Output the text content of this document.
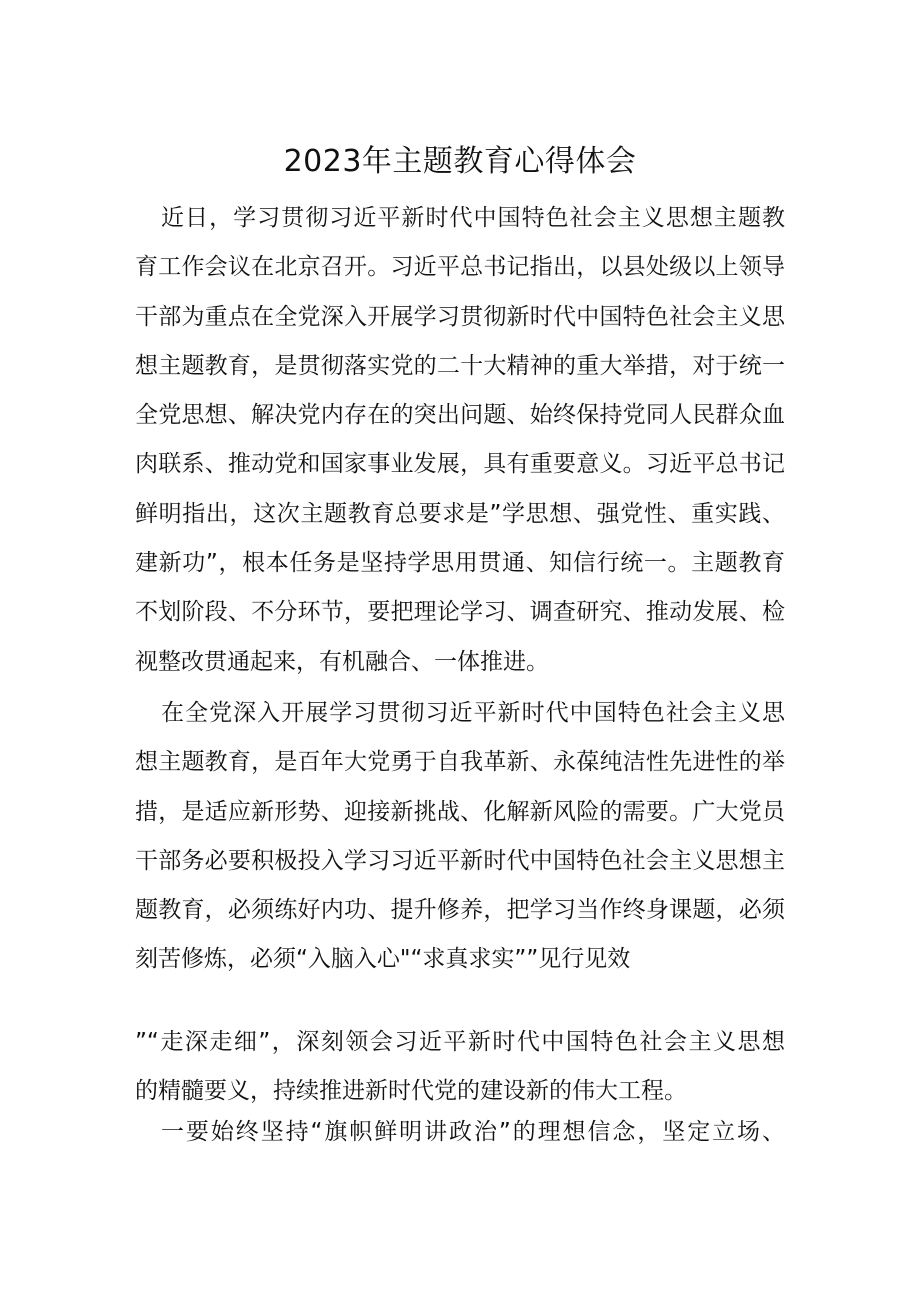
2023年主题教育心得体会
近日，学习贯彻习近平新时代中国特色社会主义思想主题教
育工作会议在北京召开。习近平总书记指出，以县处级以上领导
干部为重点在全党深入开展学习贯彻新时代中国特色社会主义思
想主题教育，是贯彻落实党的二十大精神的重大举措，对于统一
全党思想、解决党内存在的突出问题、始终保持党同人民群众血
肉联系、推动党和国家事业发展，具有重要意义。习近平总书记
鲜明指出，这次主题教育总要求是”学思想、强党性、重实践、
建新功”，根本任务是坚持学思用贯通、知信行统一。主题教育
不划阶段、不分环节，要把理论学习、调查研究、推动发展、检
视整改贯通起来，有机融合、一体推进。
在全党深入开展学习贯彻习近平新时代中国特色社会主义思
想主题教育，是百年大党勇于自我革新、永葆纯洁性先进性的举
措，是适应新形势、迎接新挑战、化解新风险的需要。广大党员
干部务必要积极投入学习习近平新时代中国特色社会主义思想主
题教育，必须练好内功、提升修养，把学习当作终身课题，必须
刻苦修炼，必须“入脑入心"“求真求实””见行见效
”“走深走细”，深刻领会习近平新时代中国特色社会主义思想
的精髓要义，持续推进新时代党的建设新的伟大工程。
一要始终坚持“旗帜鲜明讲政治”的理想信念，坚定立场、
